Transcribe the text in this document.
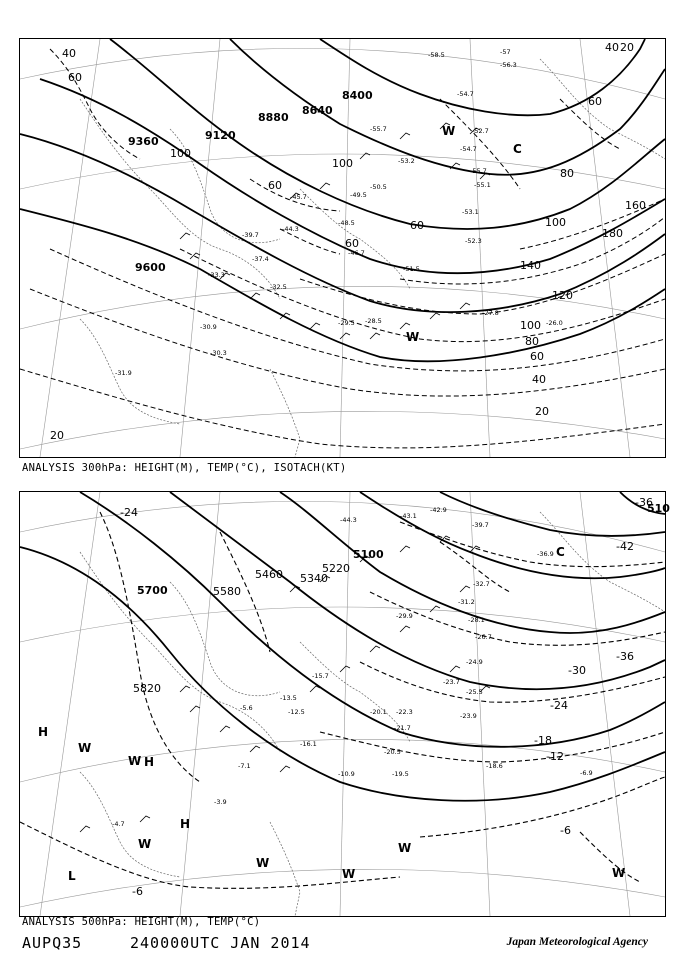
9600
9360	9120
8880
8640
8400
40
60
100
60
60
100
60
20
40
60
80
100
120
140
160
180
100
80
60
40
20
20
W
W
C
-58.5	-57
-54.7
-56.3
-55.7	-52.7
-53.2
-55.7
-54.7
-55.1
-53.1
-52.3
-51.5
-50.5
-49.5
-48.5
-46.7
-45.7
-44.3
-39.7
-37.4
-33.3
-32.5
-30.9
-30.3
-29.5 -28.5
-27.8
-26.0
-31.9
ANALYSIS 300hPa: HEIGHT(M), TEMP(°C), ISOTACH(KT)
5100
5220
5340
5460
5580
5700
5820
510
-24
-42
-36
-30
-24
-18
-12
-6
-6
-36
H
W
W H
H
W
L
W
W
W
W
C
-44.3	-43.1
-42.9
-39.7
-36.9
-32.7
-31.2
-29.9	-28.1
-26.7
-24.9
-25.5
-23.7
-23.9
-22.3
-21.7
-20.5
-19.5
-18.6
-16.1
-15.7
-13.5
-12.5
-10.9
-7.1
-6.9
-5.6
-4.7
-3.9
-20.1
ANALYSIS 500hPa: HEIGHT(M), TEMP(°C)
AUPQ35	240000UTC JAN 2014	Japan Meteorological Agency
